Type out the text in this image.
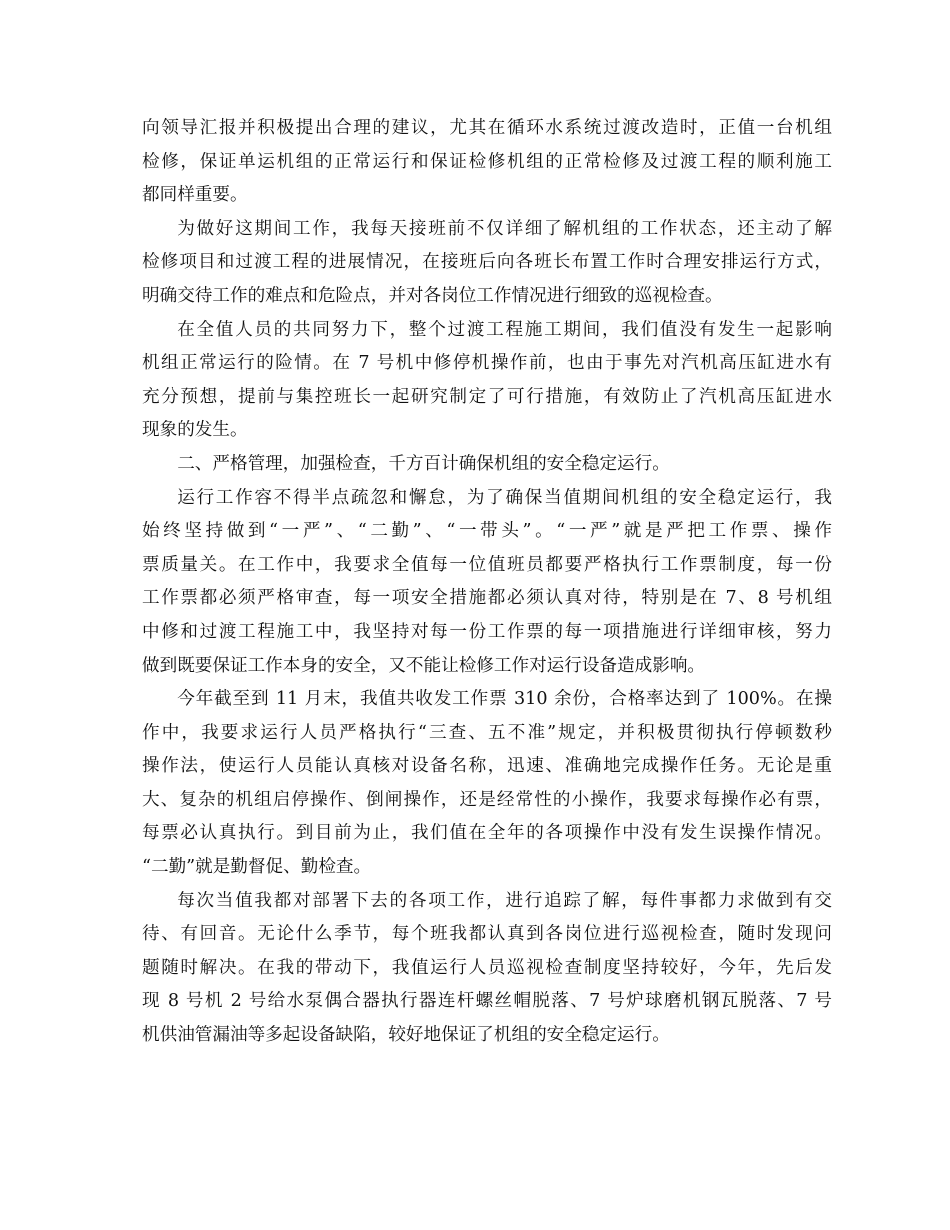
向领导汇报并积极提出合理的建议，尤其在循环水系统过渡改造时，正值一台机组
检修，保证单运机组的正常运行和保证检修机组的正常检修及过渡工程的顺利施工
都同样重要。
为做好这期间工作，我每天接班前不仅详细了解机组的工作状态，还主动了解
检修项目和过渡工程的进展情况，在接班后向各班长布置工作时合理安排运行方式，
明确交待工作的难点和危险点，并对各岗位工作情况进行细致的巡视检查。
在全值人员的共同努力下，整个过渡工程施工期间，我们值没有发生一起影响
机组正常运行的险情。在 7 号机中修停机操作前，也由于事先对汽机高压缸进水有
充分预想，提前与集控班长一起研究制定了可行措施，有效防止了汽机高压缸进水
现象的发生。
二、严格管理，加强检查，千方百计确保机组的安全稳定运行。
运行工作容不得半点疏忽和懈怠，为了确保当值期间机组的安全稳定运行，我
始终坚持做到“一严”、“二勤”、“一带头”。“一严”就是严把工作票、操作
票质量关。在工作中，我要求全值每一位值班员都要严格执行工作票制度，每一份
工作票都必须严格审查，每一项安全措施都必须认真对待，特别是在 7、8 号机组
中修和过渡工程施工中，我坚持对每一份工作票的每一项措施进行详细审核，努力
做到既要保证工作本身的安全，又不能让检修工作对运行设备造成影响。
今年截至到 11 月末，我值共收发工作票 310 余份，合格率达到了 100%。在操
作中，我要求运行人员严格执行“三查、五不准”规定，并积极贯彻执行停顿数秒
操作法，使运行人员能认真核对设备名称，迅速、准确地完成操作任务。无论是重
大、复杂的机组启停操作、倒闸操作，还是经常性的小操作，我要求每操作必有票，
每票必认真执行。到目前为止，我们值在全年的各项操作中没有发生误操作情况。
“二勤”就是勤督促、勤检查。
每次当值我都对部署下去的各项工作，进行追踪了解，每件事都力求做到有交
待、有回音。无论什么季节，每个班我都认真到各岗位进行巡视检查，随时发现问
题随时解决。在我的带动下，我值运行人员巡视检查制度坚持较好，今年，先后发
现 8 号机 2 号给水泵偶合器执行器连杆螺丝帽脱落、7 号炉球磨机钢瓦脱落、7 号
机供油管漏油等多起设备缺陷，较好地保证了机组的安全稳定运行。
